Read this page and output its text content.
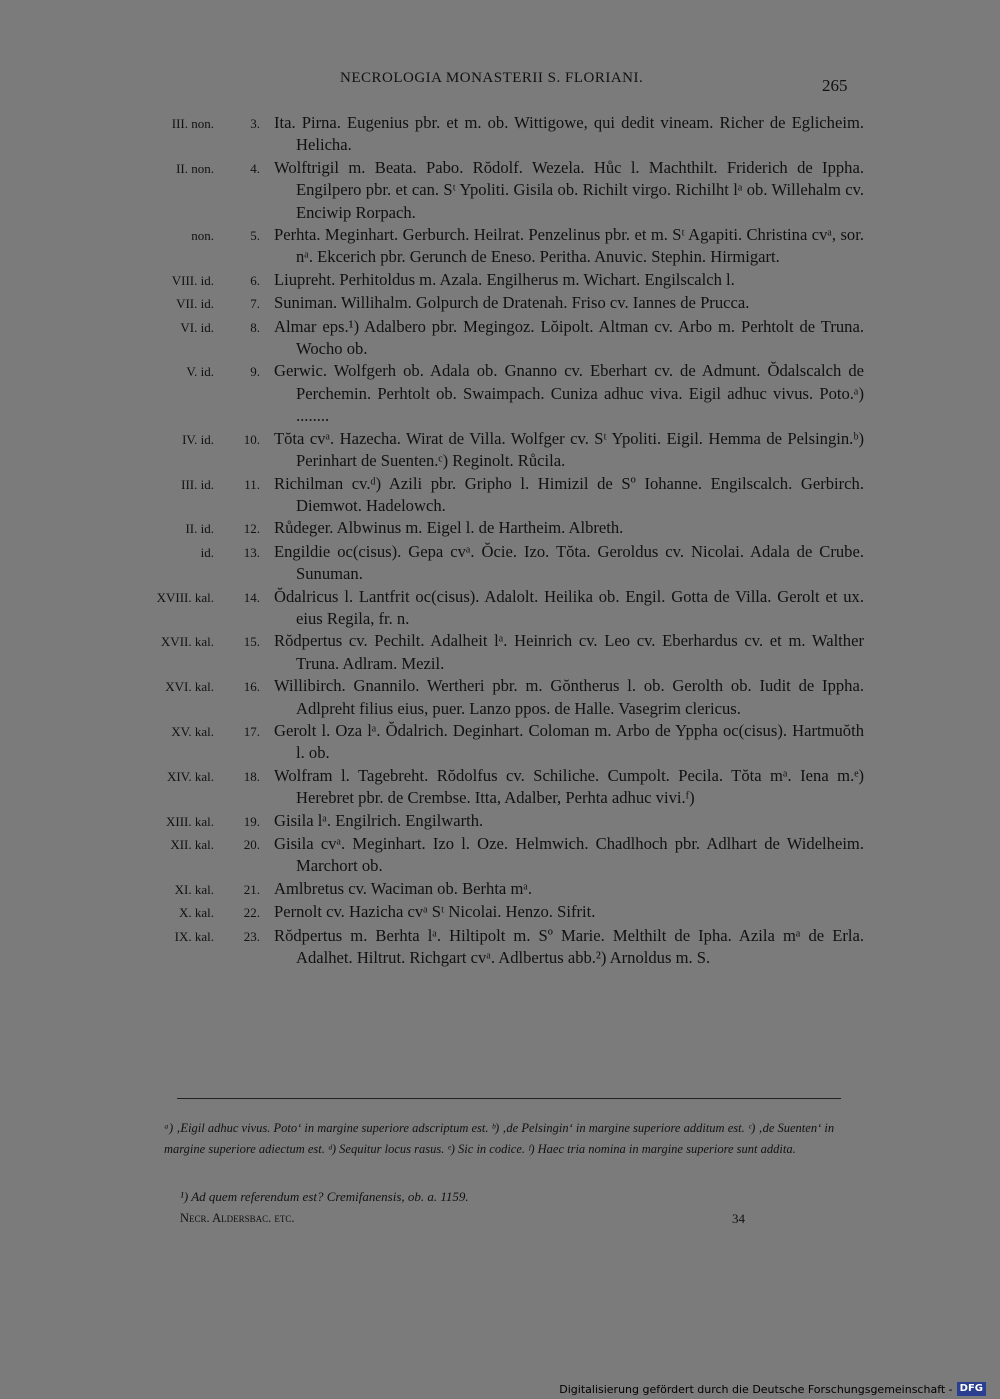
NECROLOGIA MONASTERII S. FLORIANI.	265
III. non.	3. Ita. Pirna. Eugenius pbr. et m. ob. Wittigowe, qui dedit vineam. Richer de Eglicheim. Helicha.
II. non.	4. Wolftrigil m. Beata. Pabo. Rŏdolf. Wezela. Hůc l. Machthilt. Friderich de Ippha. Engilpero pbr. et can. Sᵗ Ypoliti. Gisila ob. Richilt virgo. Richilht lᵃ ob. Willehalm cv. Enciwip Rorpach.
non.	5. Perhta. Meginhart. Gerburch. Heilrat. Penzelinus pbr. et m. Sᵗ Agapiti. Christina cvᵃ, sor. nᵃ. Ekcerich pbr. Gerunch de Eneso. Peritha. Anuvic. Stephin. Hirmigart.
VIII. id.	6. Liupreht. Perhitoldus m. Azala. Engilherus m. Wichart. Engilscalch l.
VII. id.	7. Suniman. Willihalm. Golpurch de Dratenah. Friso cv. Iannes de Prucca.
VI. id.	8. Almar eps.¹) Adalbero pbr. Megingoz. Lŏipolt. Altman cv. Arbo m. Perhtolt de Truna. Wocho ob.
V. id.	9. Gerwic. Wolfgerh ob. Adala ob. Gnanno cv. Eberhart cv. de Admunt. Ŏdalscalch de Perchemin. Perhtolt ob. Swaimpach. Cuniza adhuc viva. Eigil adhuc vivus. Poto.ᵃ) ........
IV. id.	10. Tŏta cvᵃ. Hazecha. Wirat de Villa. Wolfger cv. Sᵗ Ypoliti. Eigil. Hemma de Pelsingin.ᵇ) Perinhart de Suenten.ᶜ) Reginolt. Růcila.
III. id.	11. Richilman cv.ᵈ) Azili pbr. Gripho l. Himizil de Sº Iohanne. Engilscalch. Gerbirch. Diemwot. Hadelowch.
II. id.	12. Růdeger. Albwinus m. Eigel l. de Hartheim. Albreth.
id.	13. Engildie oc(cisus). Gepa cvᵃ. Ŏcie. Izo. Tŏta. Geroldus cv. Nicolai. Adala de Crube. Sunuman.
XVIII. kal.	14. Ŏdalricus l. Lantfrit oc(cisus). Adalolt. Heilika ob. Engil. Gotta de Villa. Gerolt et ux. eius Regila, fr. n.
XVII. kal.	15. Rŏdpertus cv. Pechilt. Adalheit lᵃ. Heinrich cv. Leo cv. Eberhardus cv. et m. Walther Truna. Adlram. Mezil.
XVI. kal.	16. Willibirch. Gnannilo. Wertheri pbr. m. Gŏntherus l. ob. Gerolth ob. Iudit de Ippha. Adlpreht filius eius, puer. Lanzo ppos. de Halle. Vasegrim clericus.
XV. kal.	17. Gerolt l. Oza lᵃ. Ŏdalrich. Deginhart. Coloman m. Arbo de Yppha oc(cisus). Hartmuŏth l. ob.
XIV. kal.	18. Wolfram l. Tagebreht. Rŏdolfus cv. Schiliche. Cumpolt. Pecila. Tŏta mᵃ. Iena m.ᵉ) Herebret pbr. de Crembse. Itta, Adalber, Perhta adhuc vivi.ᶠ)
XIII. kal.	19. Gisila lᵃ. Engilrich. Engilwarth.
XII. kal.	20. Gisila cvᵃ. Meginhart. Izo l. Oze. Helmwich. Chadlhoch pbr. Adlhart de Widelheim. Marchort ob.
XI. kal.	21. Amlbretus cv. Waciman ob. Berhta mᵃ.
X. kal.	22. Pernolt cv. Hazicha cvᵃ Sᵗ Nicolai. Henzo. Sifrit.
IX. kal.	23. Rŏdpertus m. Berhta lᵃ. Hiltipolt m. Sº Marie. Melthilt de Ipha. Azila mᵃ de Erla. Adalhet. Hiltrut. Richgart cvᵃ. Adlbertus abb.²) Arnoldus m. S.
ᵃ) ‚Eigil adhuc vivus. Poto‘ in margine superiore adscriptum est. ᵇ) ‚de Pelsingin‘ in margine superiore additum est. ᶜ) ‚de Suenten‘ in margine superiore adiectum est. ᵈ) Sequitur locus rasus. ᵉ) Sic in codice. ᶠ) Haec tria nomina in margine superiore sunt addita.
¹) Ad quem referendum est? Cremifanensis, ob. a. 1159.
Necr. Aldersbac. etc.	34
Digitalisierung gefördert durch die Deutsche Forschungsgemeinschaft - DFG
